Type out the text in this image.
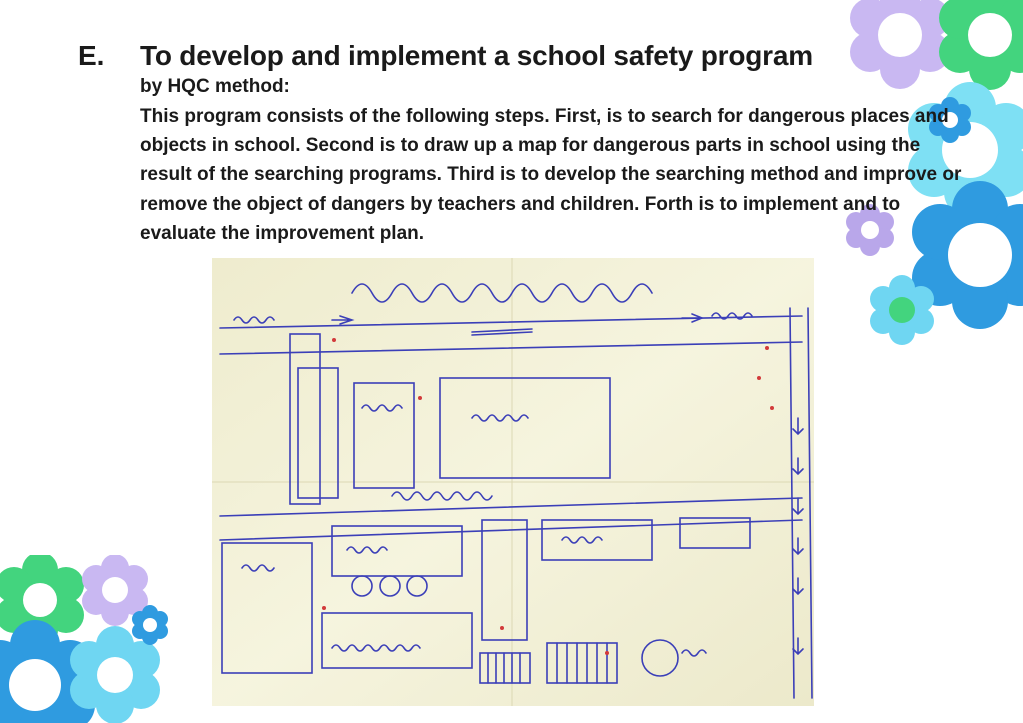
E.	To develop and implement a school safety program
by HQC method:
This program consists of the following steps. First, is to search for dangerous places and objects in school. Second is to draw up a map for dangerous parts in school using the result of the searching programs. Third is to develop the searching method and improve or remove the object of dangers by teachers and children. Forth is to implement and to evaluate the improvement plan.
